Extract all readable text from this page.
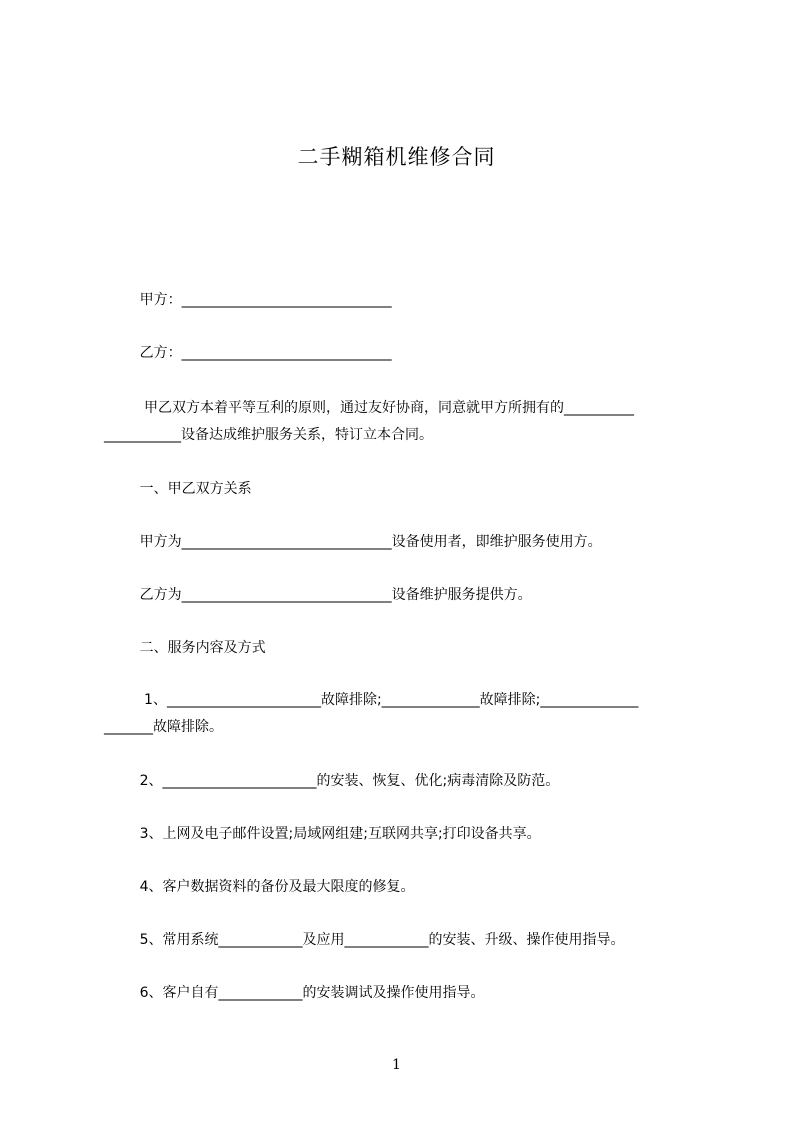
二手糊箱机维修合同

甲方：______________________________

乙方：______________________________

甲乙双方本着平等互利的原则，通过友好协商，同意就甲方所拥有的__________

___________设备达成维护服务关系，特订立本合同。

一、甲乙双方关系

甲方为______________________________设备使用者，即维护服务使用方。

乙方为______________________________设备维护服务提供方。

二、服务内容及方式

1、______________________故障排除;______________故障排除;______________

_______故障排除。

2、______________________的安装、恢复、优化;病毒清除及防范。

3、上网及电子邮件设置;局域网组建;互联网共享;打印设备共享。

4、客户数据资料的备份及最大限度的修复。

5、常用系统____________及应用____________的安装、升级、操作使用指导。

6、客户自有____________的安装调试及操作使用指导。

1
